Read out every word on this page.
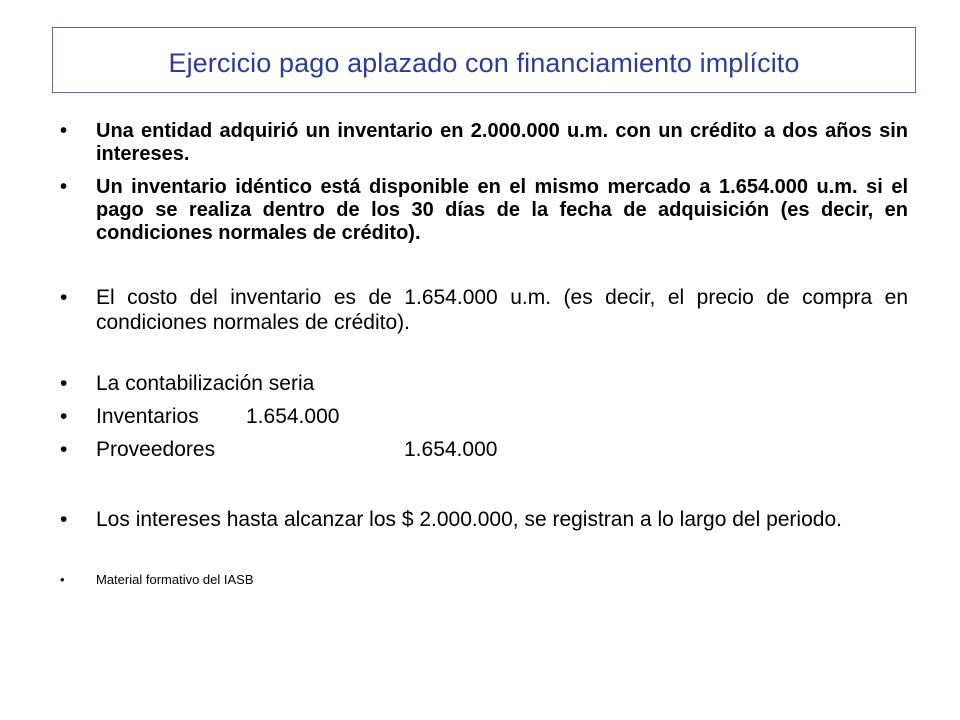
Ejercicio pago aplazado con financiamiento implícito
• Una entidad adquirió un inventario en 2.000.000 u.m. con un crédito a dos años sin intereses.
• Un inventario idéntico está disponible en el mismo mercado a 1.654.000 u.m. si el pago se realiza dentro de los 30 días de la fecha de adquisición (es decir, en condiciones normales de crédito).
• El costo del inventario es de 1.654.000 u.m. (es decir, el precio de compra en condiciones normales de crédito).
• La contabilización seria
• Inventarios	1.654.000
• Proveedores	1.654.000
• Los intereses hasta alcanzar los $ 2.000.000, se registran a lo largo del periodo.
• Material formativo del IASB
